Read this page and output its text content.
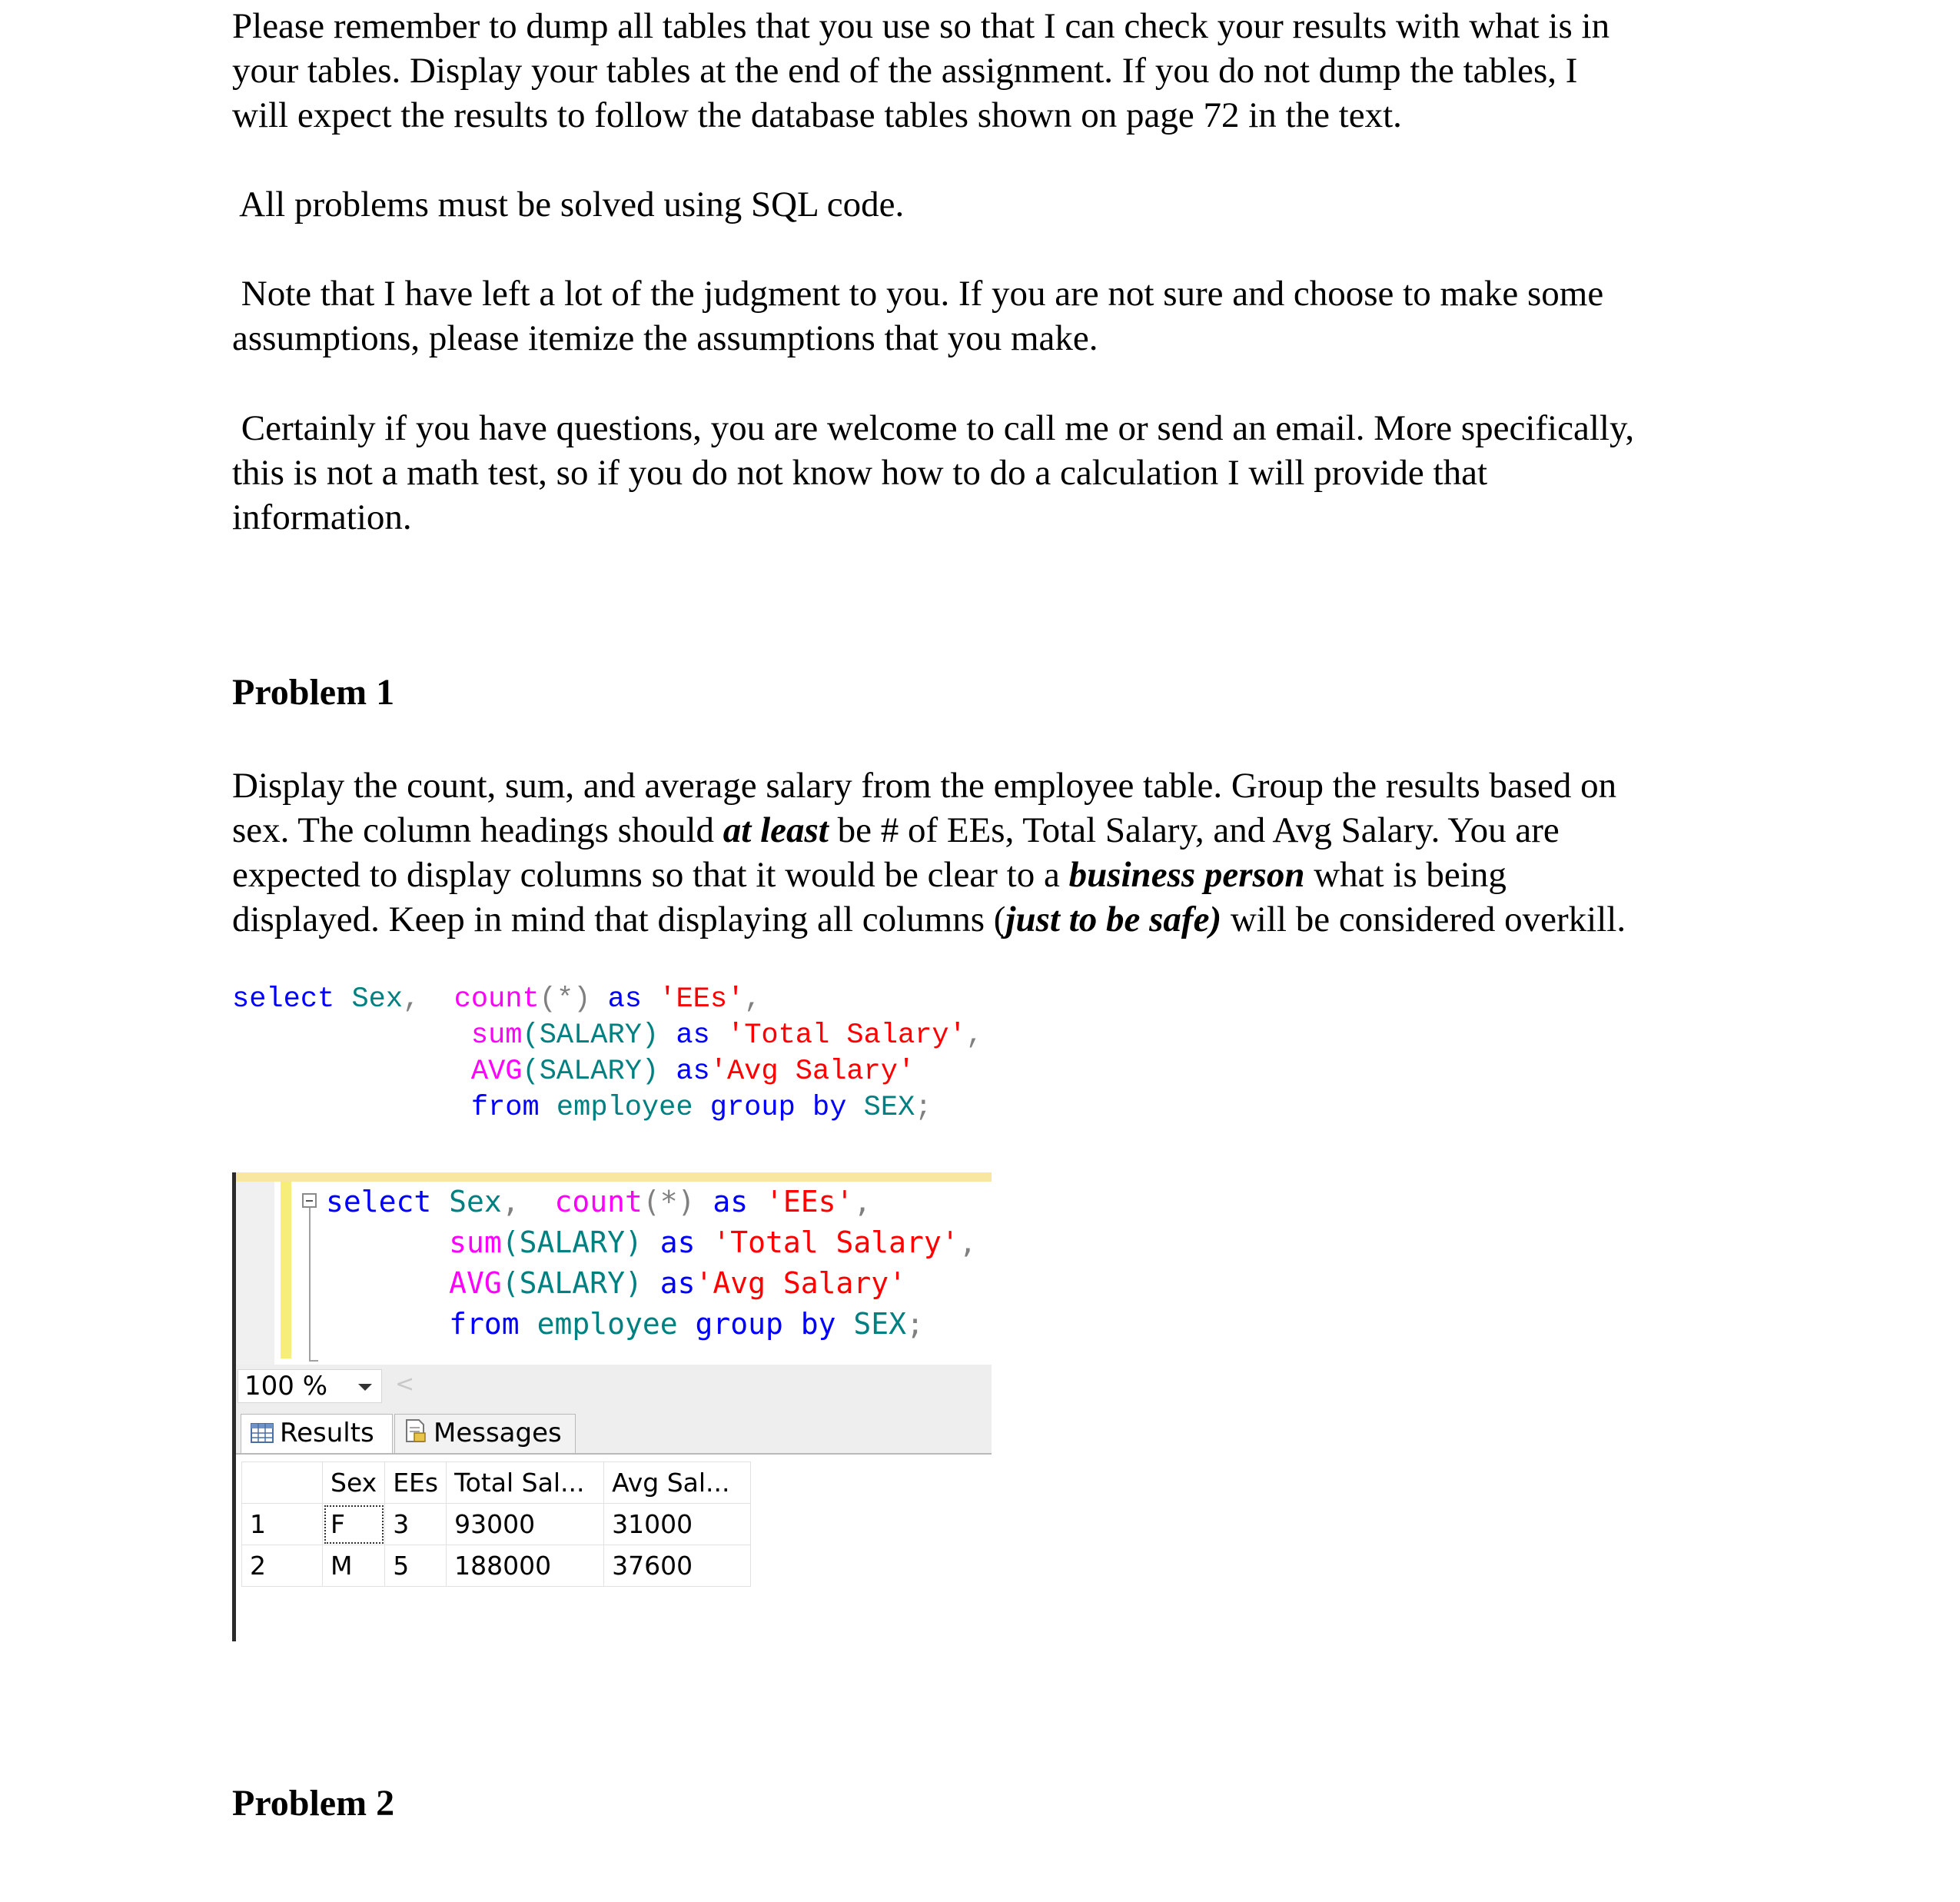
Please remember to dump all tables that you use so that I can check your results with what is in
your tables. Display your tables at the end of the assignment. If you do not dump the tables, I
will expect the results to follow the database tables shown on page 72 in the text.

All problems must be solved using SQL code.

Note that I have left a lot of the judgment to you. If you are not sure and choose to make some
assumptions, please itemize the assumptions that you make.

Certainly if you have questions, you are welcome to call me or send an email. More specifically,
this is not a math test, so if you do not know how to do a calculation I will provide that
information.

Problem 1

Display the count, sum, and average salary from the employee table. Group the results based on
sex. The column headings should at least be # of EEs, Total Salary, and Avg Salary. You are
expected to display columns so that it would be clear to a business person what is being
displayed. Keep in mind that displaying all columns (just to be safe) will be considered overkill.

select Sex, count(*) as 'EEs',
sum(SALARY) as 'Total Salary',
AVG(SALARY) as'Avg Salary'
from employee group by SEX;
select Sex, count(*) as 'EEs',
sum(SALARY) as 'Total Salary',
AVG(SALARY) as'Avg Salary'
from employee group by SEX;
100 %	<
Results	Messages
	Sex	EEs	Total Sal...	Avg Sal...
1	F	3	93000	31000
2	M	5	188000	37600
Problem 2
